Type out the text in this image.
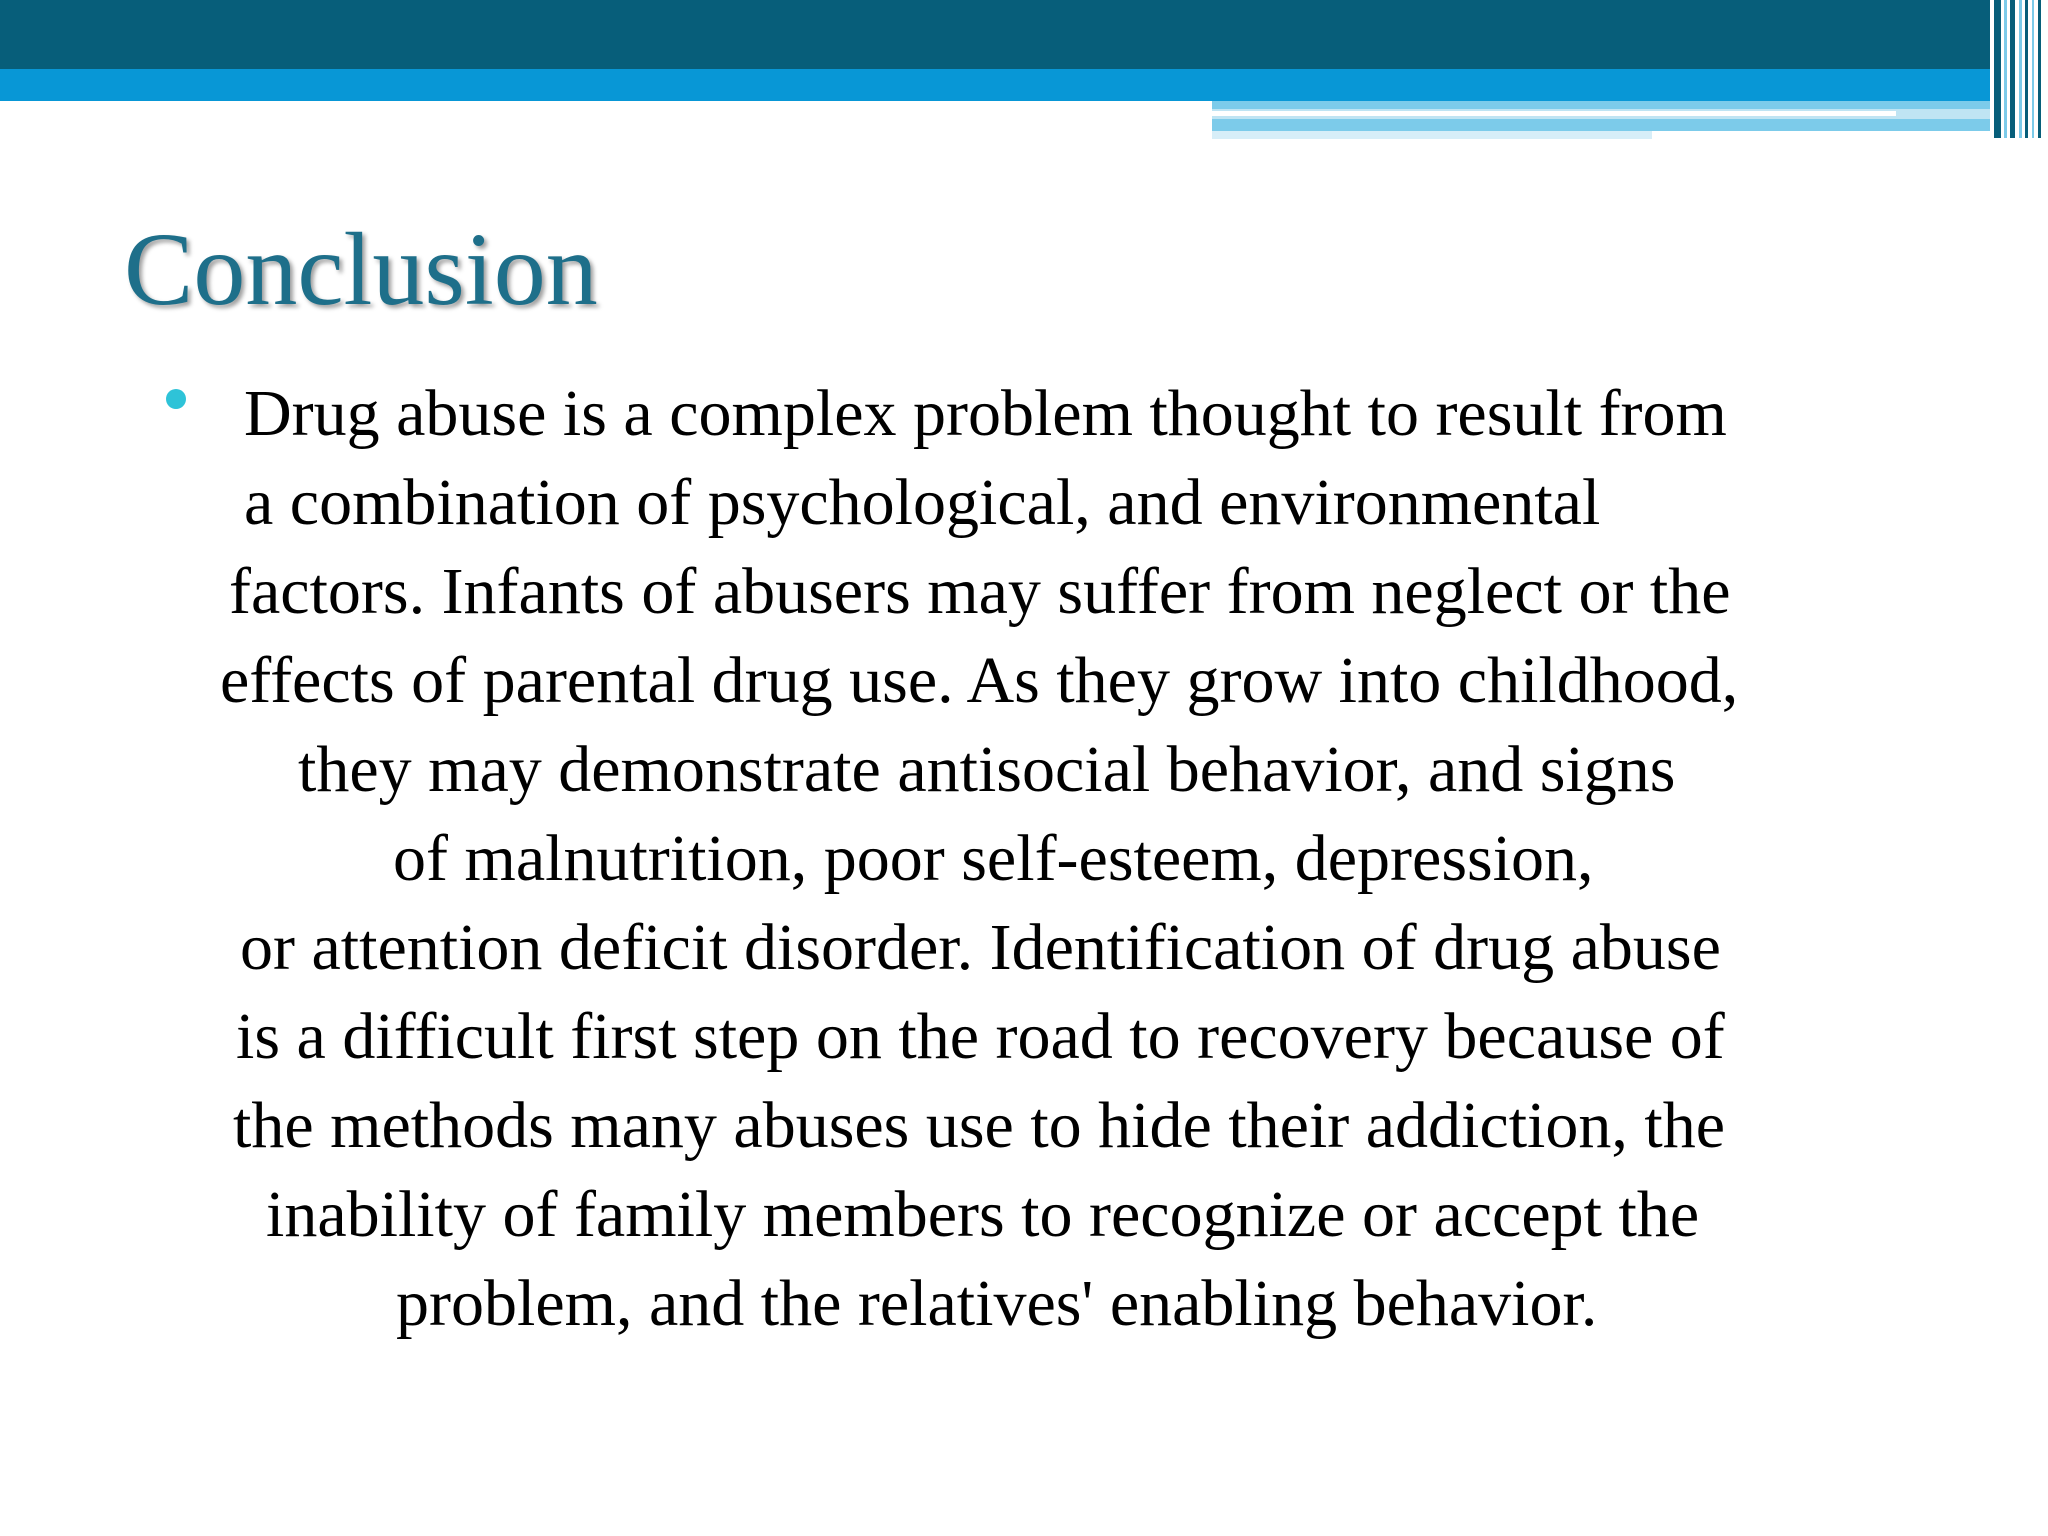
Conclusion
Drug abuse is a complex problem thought to result from
a combination of psychological, and environmental
factors. Infants of abusers may suffer from neglect or the
effects of parental drug use. As they grow into childhood,
they may demonstrate antisocial behavior, and signs
of malnutrition, poor self-esteem, depression,
or attention deficit disorder. Identification of drug abuse
is a difficult first step on the road to recovery because of
the methods many abuses use to hide their addiction, the
inability of family members to recognize or accept the
problem, and the relatives' enabling behavior.
